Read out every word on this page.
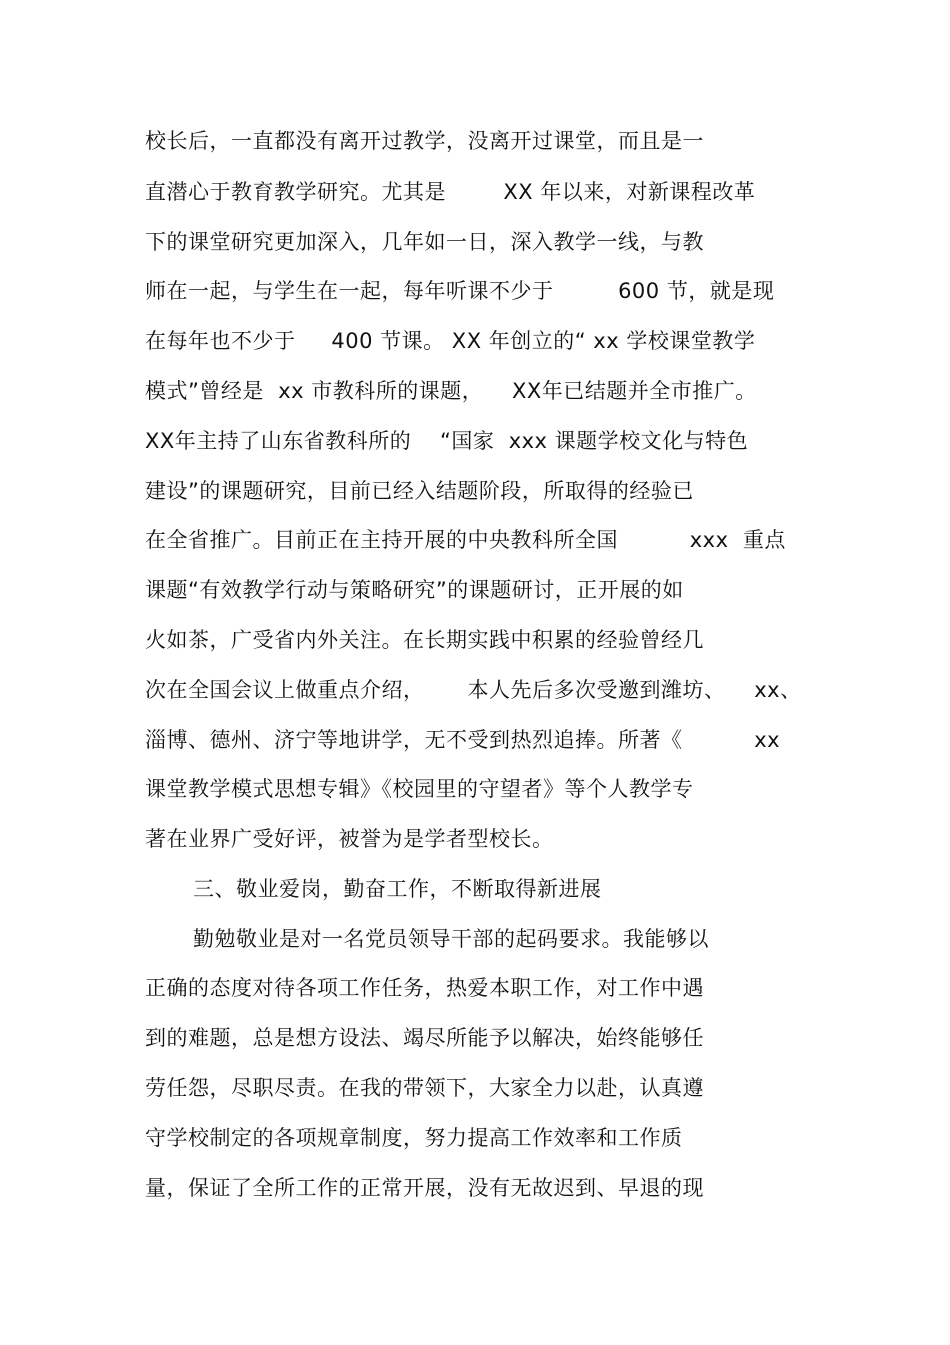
校长后，一直都没有离开过教学，没离开过课堂，而且是一
直潜心于教育教学研究。尤其是        XX 年以来，对新课程改革
下的课堂研究更加深入，几年如一日，深入教学一线，与教
师在一起，与学生在一起，每年听课不少于         600 节，就是现
在每年也不少于     400 节课。 XX 年创立的“ xx 学校课堂教学
模式”曾经是  xx 市教科所的课题，    XX年已结题并全市推广。
XX年主持了山东省教科所的    “国家  xxx 课题学校文化与特色
建设”的课题研究，目前已经入结题阶段，所取得的经验已
在全省推广。目前正在主持开展的中央教科所全国          xxx  重点
课题“有效教学行动与策略研究”的课题研讨，正开展的如
火如茶，广受省内外关注。在长期实践中积累的经验曾经几
次在全国会议上做重点介绍，      本人先后多次受邀到潍坊、    xx、
淄博、德州、济宁等地讲学，无不受到热烈追捧。所著《          xx
课堂教学模式思想专辑》《校园里的守望者》等个人教学专
著在业界广受好评，被誉为是学者型校长。
三、敬业爱岗，勤奋工作，不断取得新进展
勤勉敬业是对一名党员领导干部的起码要求。我能够以
正确的态度对待各项工作任务，热爱本职工作，对工作中遇
到的难题，总是想方设法、竭尽所能予以解决，始终能够任
劳任怨，尽职尽责。在我的带领下，大家全力以赴，认真遵
守学校制定的各项规章制度，努力提高工作效率和工作质
量，保证了全所工作的正常开展，没有无故迟到、早退的现
